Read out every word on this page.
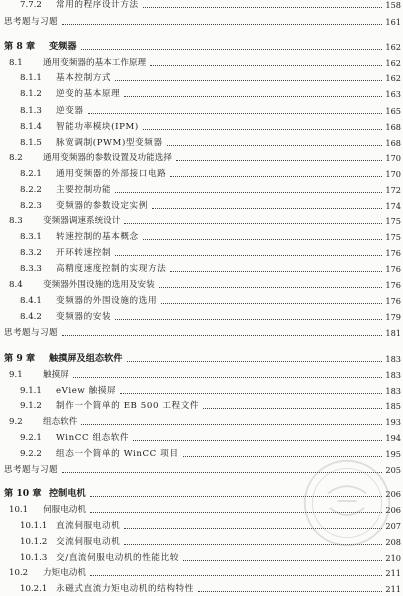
7.7.2	常用的程序设计方法	158
思考题与习题	161
第 8 章	变频器	162
8.1	通用变频器的基本工作原理	162
8.1.1	基本控制方式	162
8.1.2	逆变的基本原理	163
8.1.3	逆变器	165
8.1.4	智能功率模块(IPM)	168
8.1.5	脉宽调制(PWM)型变频器	168
8.2	通用变频器的参数设置及功能选择	170
8.2.1	通用变频器的外部接口电路	170
8.2.2	主要控制功能	172
8.2.3	变频器的参数设定实例	174
8.3	变频器调速系统设计	175
8.3.1	转速控制的基本概念	175
8.3.2	开环转速控制	176
8.3.3	高精度速度控制的实现方法	176
8.4	变频器外围设施的选用及安装	176
8.4.1	变频器的外围设施的选用	176
8.4.2	变频器的安装	179
思考题与习题	181
第 9 章	触摸屏及组态软件	183
9.1	触摸屏	183
9.1.1	eView 触摸屏	183
9.1.2	制作一个简单的 EB 500 工程文件	185
9.2	组态软件	193
9.2.1	WinCC 组态软件	194
9.2.2	组态一个简单的 WinCC 项目	195
思考题与习题	205
第 10 章 控制电机	206
10.1	伺服电动机	206
10.1.1	直流伺服电动机	207
10.1.2	交流伺服电动机	208
10.1.3	交/直流伺服电动机的性能比较	210
10.2	力矩电动机	211
10.2.1	永磁式直流力矩电动机的结构特性	211
